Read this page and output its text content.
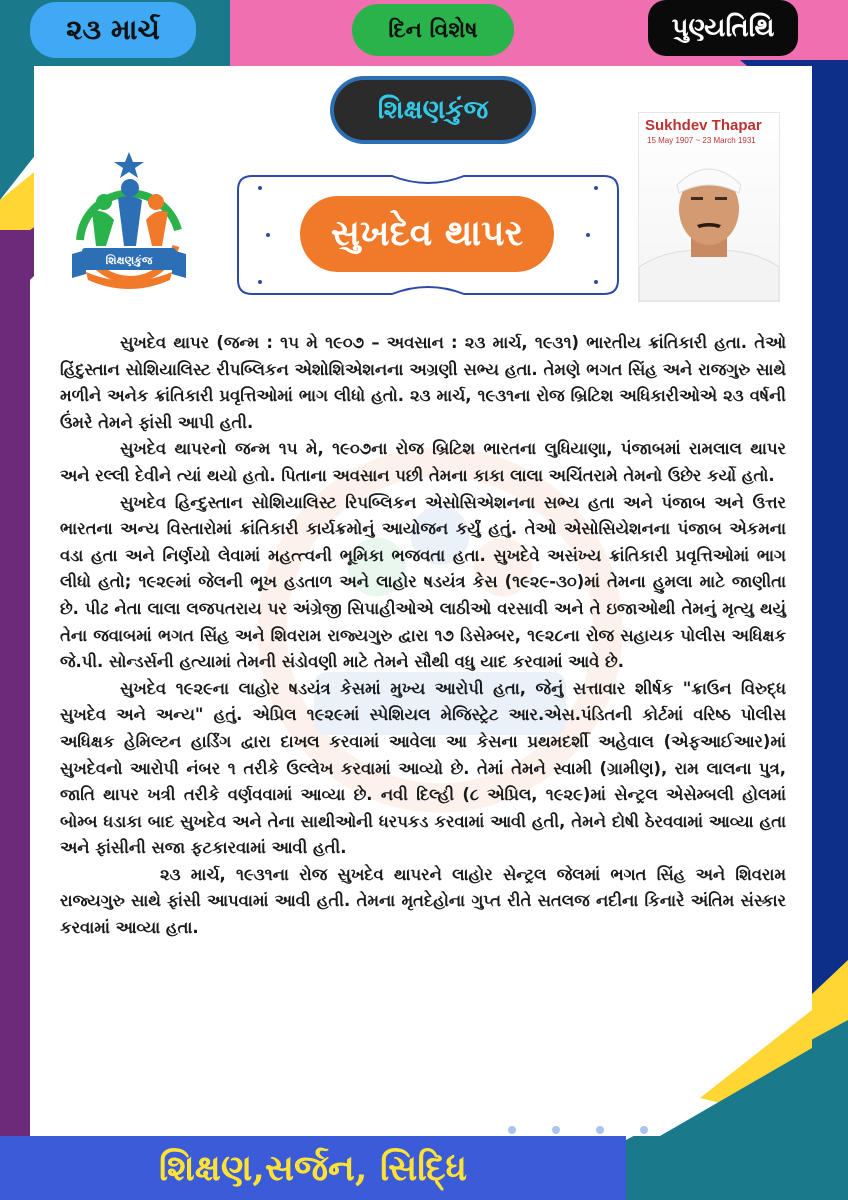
૨૩ માર્ચ	દિન વિશેષ	પુણ્યતિથિ
શિક્ષણકુંજ
શિક્ષણકુંજ
સુખદેવ થાપર
Sukhdev Thapar
15 May 1907 ~ 23 March 1931

સુખદેવ થાપર (જન્મ : ૧૫ મે ૧૯૦૭ – અવસાન : ૨૩ માર્ચ, ૧૯૩૧) ભારતીય ક્રાંતિકારી હતા. તેઓ હિંદુસ્તાન સોશિયાલિસ્ટ રીપબ્લિકન એશોશિએશનના અગ્રણી સભ્ય હતા. તેમણે ભગત સિંહ અને રાજગુરુ સાથે મળીને અનેક ક્રાંતિકારી પ્રવૃત્તિઓમાં ભાગ લીધો હતો. ૨૩ માર્ચ, ૧૯૩૧ના રોજ બ્રિટિશ અધિકારીઓએ ૨૩ વર્ષની ઉંમરે તેમને ફાંસી આપી હતી.

સુખદેવ થાપરનો જન્મ ૧૫ મે, ૧૯૦૭ના રોજ બ્રિટિશ ભારતના લુધિયાણા, પંજાબમાં રામલાલ થાપર અને રલ્લી દેવીને ત્યાં થયો હતો. પિતાના અવસાન પછી તેમના કાકા લાલા અચિંતરામે તેમનો ઉછેર કર્યો હતો.

સુખદેવ હિન્દુસ્તાન સોશિયાલિસ્ટ રિપબ્લિકન એસોસિએશનના સભ્ય હતા અને પંજાબ અને ઉત્તર ભારતના અન્ય વિસ્તારોમાં ક્રાંતિકારી કાર્યક્રમોનું આયોજન કર્યું હતું. તેઓ એસોસિયેશનના પંજાબ એકમના વડા હતા અને નિર્ણયો લેવામાં મહત્ત્વની ભૂમિકા ભજવતા હતા. સુખદેવે અસંખ્ય ક્રાંતિકારી પ્રવૃત્તિઓમાં ભાગ લીધો હતો; ૧૯૨૯માં જેલની ભૂખ હડતાળ અને લાહોર ષડયંત્ર કેસ (૧૯૨૯-૩૦)માં તેમના હુમલા માટે જાણીતા છે. પીઢ નેતા લાલા લજપતરાય પર અંગ્રેજી સિપાહીઓએ લાઠીઓ વરસાવી અને તે ઇજાઓથી તેમનું મૃત્યુ થયું તેના જવાબમાં ભગત સિંહ અને શિવરામ રાજ્યગુરુ દ્વારા ૧૭ ડિસેમ્બર, ૧૯૨૮ના રોજ સહાયક પોલીસ અધિક્ષક જે.પી. સોન્ડર્સની હત્યામાં તેમની સંડોવણી માટે તેમને સૌથી વધુ યાદ કરવામાં આવે છે.

સુખદેવ ૧૯૨૯ના લાહોર ષડયંત્ર કેસમાં મુખ્ય આરોપી હતા, જેનું સત્તાવાર શીર્ષક "ક્રાઉન વિરુદ્ધ સુખદેવ અને અન્ય" હતું. એપ્રિલ ૧૯૨૯માં સ્પેશિયલ મેજિસ્ટ્રેટ આર.એસ.પંડિતની કોર્ટમાં વરિષ્ઠ પોલીસ અધિક્ષક હેમિલ્ટન હાર્ડિંગ દ્વારા દાખલ કરવામાં આવેલા આ કેસના પ્રથમદર્શી અહેવાલ (એફઆઈઆર)માં સુખદેવનો આરોપી નંબર ૧ તરીકે ઉલ્લેખ કરવામાં આવ્યો છે. તેમાં તેમને સ્વામી (ગ્રામીણ), રામ લાલના પુત્ર, જાતિ થાપર ખત્રી તરીકે વર્ણવવામાં આવ્યા છે. નવી દિલ્હી (૮ એપ્રિલ, ૧૯૨૯)માં સેન્ટ્રલ એસેમ્બલી હોલમાં બોમ્બ ધડાકા બાદ સુખદેવ અને તેના સાથીઓની ધરપકડ કરવામાં આવી હતી, તેમને દોષી ઠેરવવામાં આવ્યા હતા અને ફાંસીની સજા ફટકારવામાં આવી હતી.

૨૩ માર્ચ, ૧૯૩૧ના રોજ સુખદેવ થાપરને લાહોર સેન્ટ્રલ જેલમાં ભગત સિંહ અને શિવરામ રાજ્યગુરુ સાથે ફાંસી આપવામાં આવી હતી. તેમના મૃતદેહોના ગુપ્ત રીતે સતલજ નદીના કિનારે અંતિમ સંસ્કાર કરવામાં આવ્યા હતા.

શિક્ષણ,સર્જન, સિદ્ધિ
